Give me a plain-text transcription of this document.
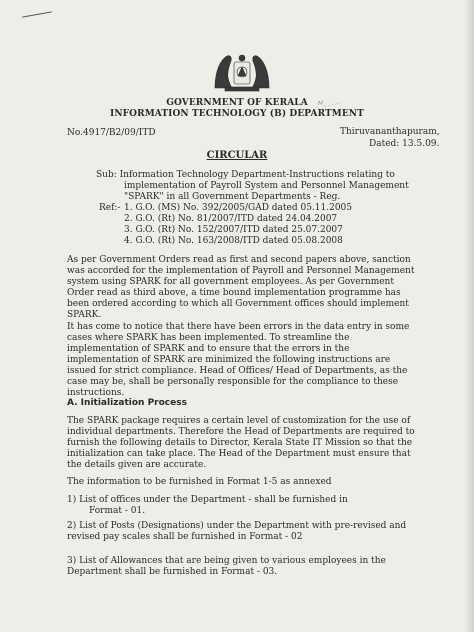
M_ _ _ ...
GOVERNMENT OF KERALA
INFORMATION TECHNOLOGY (B) DEPARTMENT
No.4917/B2/09/ITD	Thiruvananthapuram,
Dated: 13.5.09.
CIRCULAR
Sub: Information Technology Department-Instructions relating to
implementation of Payroll System and Personnel Management
"SPARK" in all Government Departments - Reg.
Ref:- 1. G.O. (MS) No. 392/2005/GAD dated 05.11.2005
2. G.O. (Rt) No. 81/2007/ITD dated 24.04.2007
3. G.O. (Rt) No. 152/2007/ITD dated 25.07.2007
4. G.O. (Rt) No. 163/2008/ITD dated 05.08.2008
As per Government Orders read as first and second papers above, sanction
was accorded for the implementation of Payroll and Personnel Management
system using SPARK for all government employees. As per Government
Order read as third above, a time bound implementation programme has
been ordered according to which all Government offices should implement
SPARK.
It has come to notice that there have been errors in the data entry in some
cases where SPARK has been implemented. To streamline the
implementation of SPARK and to ensure that the errors in the
implementation of SPARK are minimized the following instructions are
issued for strict compliance. Head of Offices/ Head of Departments, as the
case may be, shall be personally responsible for the compliance to these
instructions.
A. Initialization Process
The SPARK package requires a certain level of customization for the use of
individual departments. Therefore the Head of Departments are required to
furnish the following details to Director, Kerala State IT Mission so that the
initialization can take place. The Head of the Department must ensure that
the details given are accurate.
The information to be furnished in Format 1-5 as annexed
1) List of offices under the Department - shall be furnished in
Format - 01.
2) List of Posts (Designations) under the Department with pre-revised and
revised pay scales shall be furnished in Format - 02
3) List of Allowances that are being given to various employees in the
Department shall be furnished in Format - 03.
